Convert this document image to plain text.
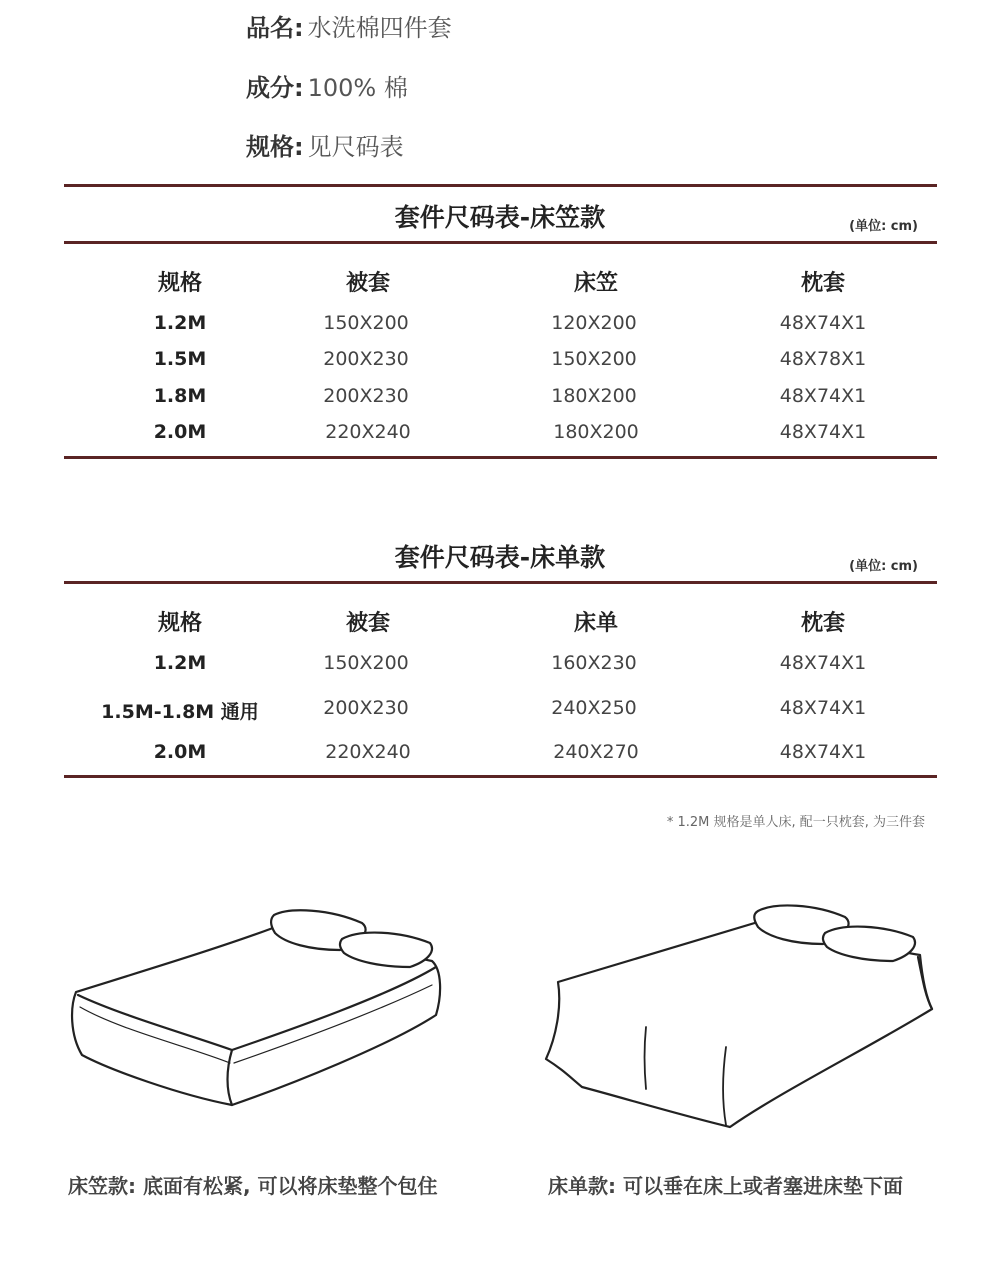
品名: 水洗棉四件套
成分: 100% 棉
规格: 见尺码表
套件尺码表-床笠款	(单位: cm)
规格	被套	床笠	枕套
1.2M	150X200	120X200	48X74X1
1.5M	200X230	150X200	48X78X1
1.8M	200X230	180X200	48X74X1
2.0M	220X240	180X200	48X74X1
套件尺码表-床单款	(单位: cm)
规格	被套	床单	枕套
1.2M	150X200	160X230	48X74X1
1.5M-1.8M 通用	200X230	240X250	48X74X1
2.0M	220X240	240X270	48X74X1
* 1.2M 规格是单人床, 配一只枕套, 为三件套
床笠款: 底面有松紧, 可以将床垫整个包住	床单款: 可以垂在床上或者塞进床垫下面
